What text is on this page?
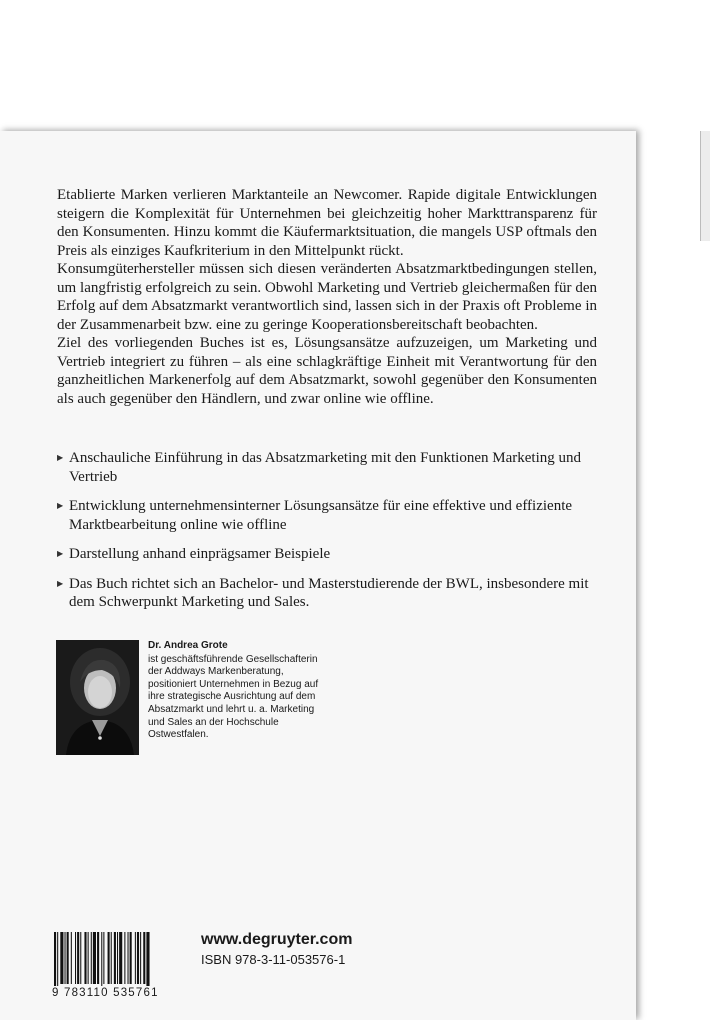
Etablierte Marken verlieren Marktanteile an Newcomer. Rapide digitale Entwicklungen steigern die Komplexität für Unternehmen bei gleichzeitig hoher Markttransparenz für den Konsumenten. Hinzu kommt die Käufermarktsituation, die mangels USP oftmals den Preis als einziges Kaufkriterium in den Mittelpunkt rückt.

Konsumgüterhersteller müssen sich diesen veränderten Absatzmarktbedingungen stellen, um langfristig erfolgreich zu sein. Obwohl Marketing und Vertrieb gleichermaßen für den Erfolg auf dem Absatzmarkt verantwortlich sind, lassen sich in der Praxis oft Probleme in der Zusammenarbeit bzw. eine zu geringe Kooperationsbereitschaft beobachten.

Ziel des vorliegenden Buches ist es, Lösungsansätze aufzuzeigen, um Marketing und Vertrieb integriert zu führen – als eine schlagkräftige Einheit mit Verantwortung für den ganzheitlichen Markenerfolg auf dem Absatzmarkt, sowohl gegenüber den Konsumenten als auch gegenüber den Händlern, und zwar online wie offline.

▶ Anschauliche Einführung in das Absatzmarketing mit den Funktionen Marketing und Vertrieb
▶ Entwicklung unternehmensinterner Lösungsansätze für eine effektive und effiziente Marktbearbeitung online wie offline
▶ Darstellung anhand einprägsamer Beispiele
▶ Das Buch richtet sich an Bachelor- und Masterstudierende der BWL, insbesondere mit dem Schwerpunkt Marketing und Sales.

Dr. Andrea Grote

ist geschäftsführende Gesellschafterin der Addways Markenberatung, positioniert Unternehmen in Bezug auf ihre strategische Ausrichtung auf dem Absatzmarkt und lehrt u. a. Marketing und Sales an der Hochschule Ostwestfalen.

9 783110 535761
www.degruyter.com
ISBN 978-3-11-053576-1
